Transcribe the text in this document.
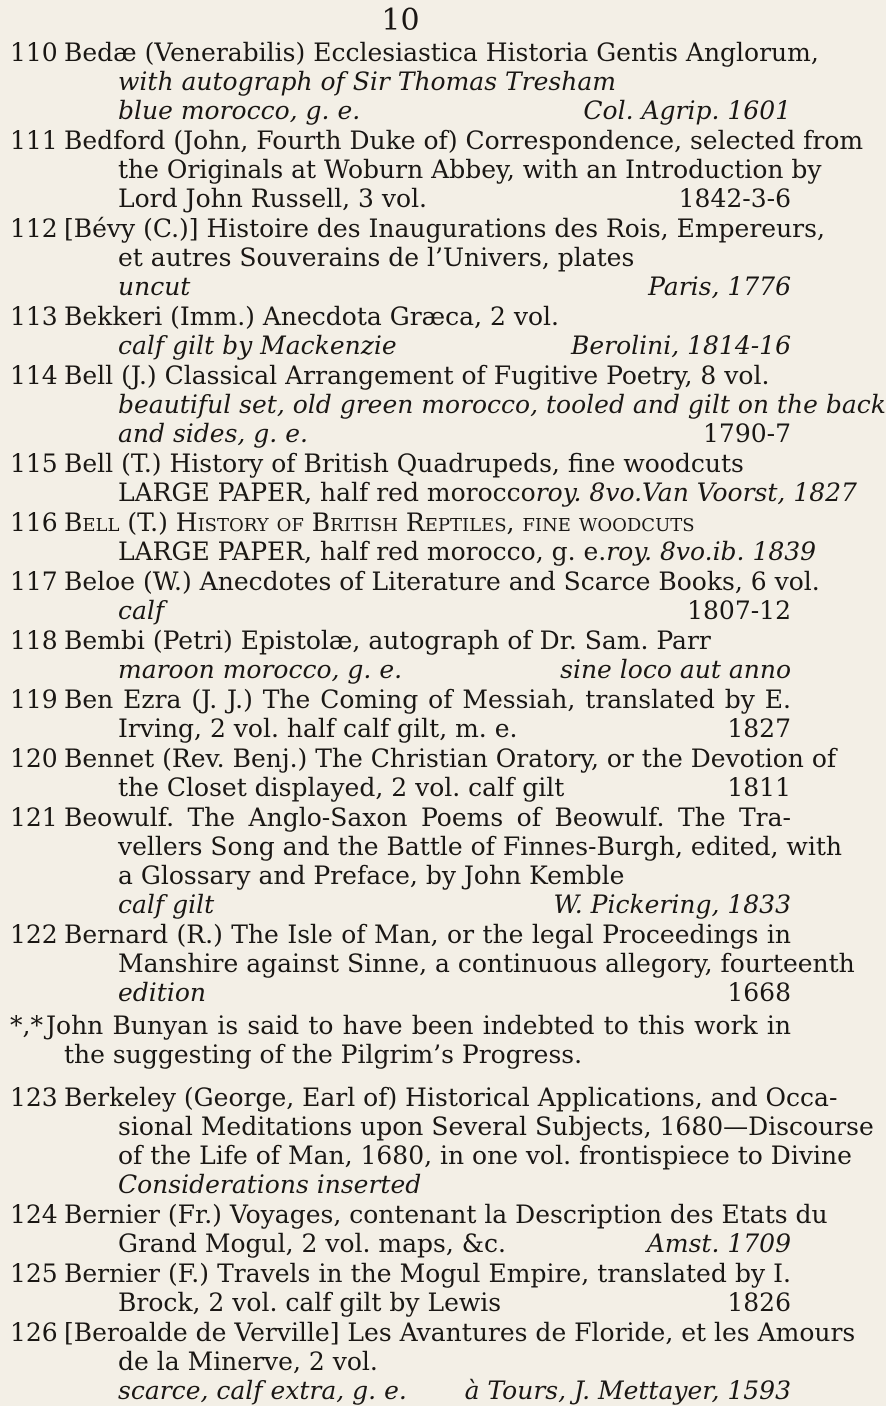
10
110 Bedæ (Venerabilis) Ecclesiastica Historia Gentis Anglorum,
with autograph of Sir Thomas Tresham
blue morocco, g. e.	Col. Agrip. 1601
111 Bedford (John, Fourth Duke of) Correspondence, selected from
the Originals at Woburn Abbey, with an Introduction by
Lord John Russell, 3 vol.	1842-3-6
112 [Bévy (C.)] Histoire des Inaugurations des Rois, Empereurs,
et autres Souverains de l’Univers, plates
uncut	Paris, 1776
113 Bekkeri (Imm.) Anecdota Græca, 2 vol.
calf gilt by Mackenzie	Berolini, 1814-16
114 Bell (J.) Classical Arrangement of Fugitive Poetry, 8 vol.
beautiful set, old green morocco, tooled and gilt on the back
and sides, g. e.	1790-7
115 Bell (T.) History of British Quadrupeds, fine woodcuts
LARGE PAPER, half red morocco roy. 8vo. Van Voorst, 1827
116 Bell (T.) History of British Reptiles, fine woodcuts
LARGE PAPER, half red morocco, g. e. roy. 8vo. ib. 1839
117 Beloe (W.) Anecdotes of Literature and Scarce Books, 6 vol.
calf	1807-12
118 Bembi (Petri) Epistolæ, autograph of Dr. Sam. Parr
maroon morocco, g. e.	sine loco aut anno
119 Ben Ezra (J. J.) The Coming of Messiah, translated by E.
Irving, 2 vol. half calf gilt, m. e.	1827
120 Bennet (Rev. Benj.) The Christian Oratory, or the Devotion of
the Closet displayed, 2 vol. calf gilt	1811
121 Beowulf. The Anglo-Saxon Poems of Beowulf. The Tra-
vellers Song and the Battle of Finnes-Burgh, edited, with
a Glossary and Preface, by John Kemble
calf gilt	W. Pickering, 1833
122 Bernard (R.) The Isle of Man, or the legal Proceedings in
Manshire against Sinne, a continuous allegory, fourteenth
edition	1668
*,* John Bunyan is said to have been indebted to this work in
the suggesting of the Pilgrim’s Progress.
123 Berkeley (George, Earl of) Historical Applications, and Occa-
sional Meditations upon Several Subjects, 1680—Discourse
of the Life of Man, 1680, in one vol. frontispiece to Divine
Considerations inserted
124 Bernier (Fr.) Voyages, contenant la Description des Etats du
Grand Mogul, 2 vol. maps, &c.	Amst. 1709
125 Bernier (F.) Travels in the Mogul Empire, translated by I.
Brock, 2 vol. calf gilt by Lewis	1826
126 [Beroalde de Verville] Les Avantures de Floride, et les Amours
de la Minerve, 2 vol.
scarce, calf extra, g. e. à Tours, J. Mettayer, 1593
